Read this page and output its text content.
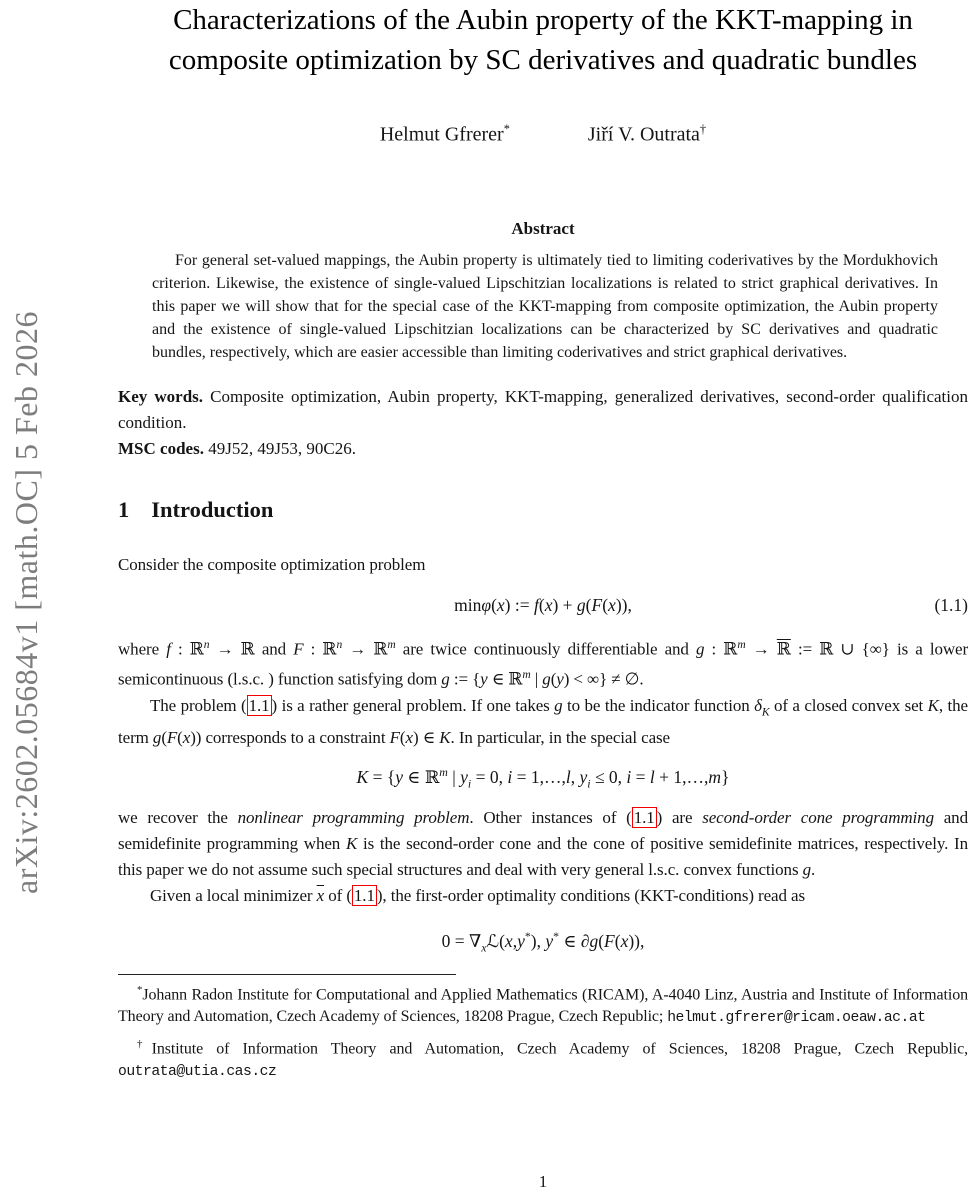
arXiv:2602.05684v1 [math.OC] 5 Feb 2026
Characterizations of the Aubin property of the KKT-mapping in
composite optimization by SC derivatives and quadratic bundles
Helmut Gfrerer*	Jiří V. Outrata†
Abstract
For general set-valued mappings, the Aubin property is ultimately tied to limiting coderivatives by the Mordukhovich criterion. Likewise, the existence of single-valued Lipschitzian localizations is related to strict graphical derivatives. In this paper we will show that for the special case of the KKT-mapping from composite optimization, the Aubin property and the existence of single-valued Lipschitzian localizations can be characterized by SC derivatives and quadratic bundles, respectively, which are easier accessible than limiting coderivatives and strict graphical derivatives.
Key words. Composite optimization, Aubin property, KKT-mapping, generalized derivatives, second-order qualification condition.
MSC codes. 49J52, 49J53, 90C26.
1 Introduction
Consider the composite optimization problem
minφ(x) := f(x) + g(F(x)),	(1.1)
where f : ℝ$^n$ → ℝ and F : ℝ$^n$ → ℝ$^m$ are twice continuously differentiable and g : ℝ$^m$ → ℝ := ℝ ∪ {∞} is a lower semicontinuous (l.s.c. ) function satisfying dom g := {y ∈ ℝ$^m$ | g(y) < ∞} ≠ ∅.
The problem ( 1.1 ) is a rather general problem. If one takes g to be the indicator function $\delta_K$ of a closed convex set K, the term g(F(x)) corresponds to a constraint F(x) ∈ K. In particular, in the special case
K = {y ∈ ℝ$^m$ | $y_i = 0$, i = 1,…,l, $y_i \le 0$, i = l + 1,…,m}
we recover the nonlinear programming problem. Other instances of ( 1.1 ) are second-order cone programming and semidefinite programming when K is the second-order cone and the cone of positive semidefinite matrices, respectively. In this paper we do not assume such special structures and deal with very general l.s.c. convex functions g.
Given a local minimizer $\overline{x}$ of ( 1.1 ), the first-order optimality conditions (KKT-conditions) read as
$0 = \nabla_xℒ(x,y^*)$, y* ∈ ∂g(F(x)),
*Johann Radon Institute for Computational and Applied Mathematics (RICAM), A-4040 Linz, Austria and Institute of Information Theory and Automation, Czech Academy of Sciences, 18208 Prague, Czech Republic; helmut.gfrerer@ricam.oeaw.ac.at
†Institute of Information Theory and Automation, Czech Academy of Sciences, 18208 Prague, Czech Republic, outrata@utia.cas.cz
1
